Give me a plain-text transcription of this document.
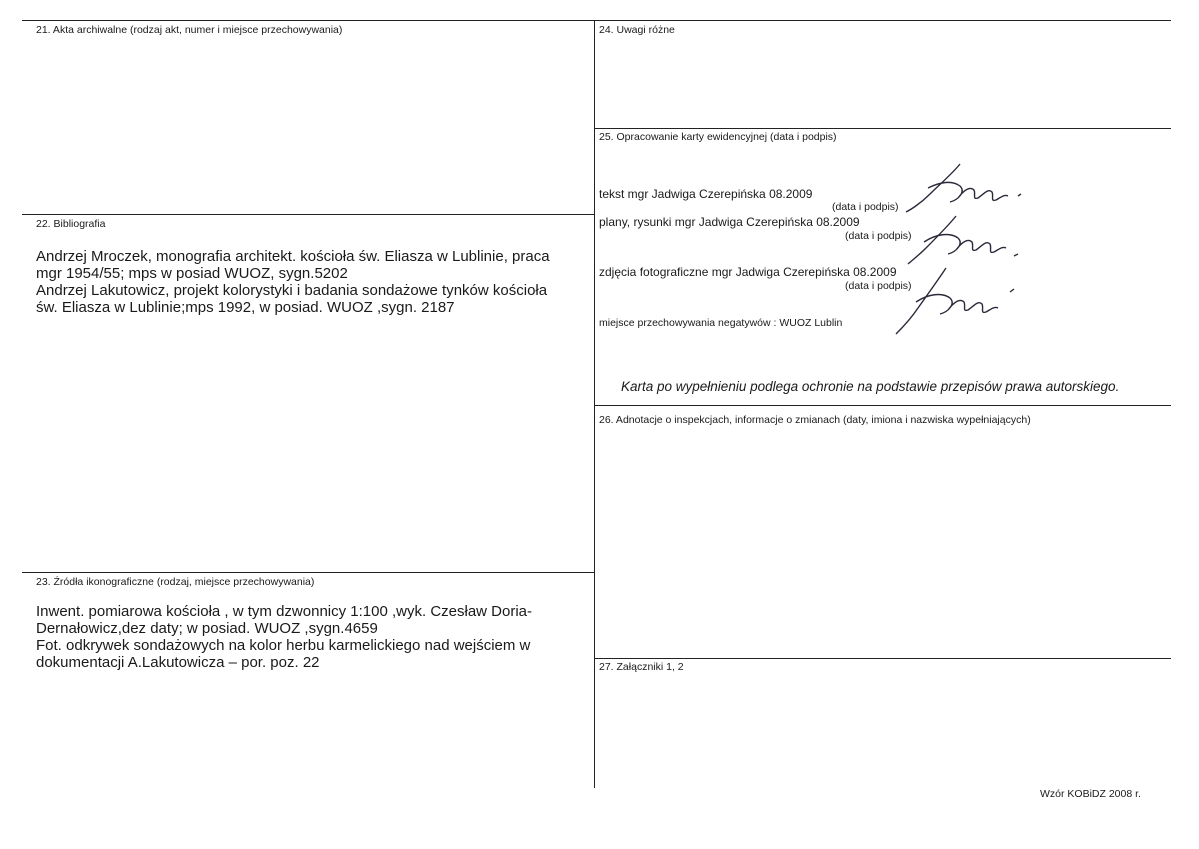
21. Akta archiwalne (rodzaj akt, numer i miejsce przechowywania)
22. Bibliografia
Andrzej Mroczek, monografia architekt. kościoła św. Eliasza w Lublinie, praca
mgr 1954/55; mps w posiad WUOZ, sygn.5202
Andrzej Lakutowicz, projekt kolorystyki i badania sondażowe tynków kościoła
św. Eliasza w Lublinie;mps 1992, w posiad. WUOZ ,sygn. 2187
23. Źródła ikonograficzne (rodzaj, miejsce przechowywania)
Inwent. pomiarowa kościoła , w tym dzwonnicy 1:100 ,wyk. Czesław Doria-
Dernałowicz,dez daty; w posiad. WUOZ ,sygn.4659
Fot. odkrywek sondażowych na kolor herbu karmelickiego nad wejściem w
dokumentacji A.Lakutowicza – por. poz. 22
24. Uwagi różne
25. Opracowanie karty ewidencyjnej (data i podpis)
tekst mgr Jadwiga Czerepińska 08.2009
(data i podpis)
plany, rysunki mgr Jadwiga Czerepińska 08.2009
(data i podpis)
zdjęcia fotograficzne mgr Jadwiga Czerepińska 08.2009
(data i podpis)
miejsce przechowywania negatywów : WUOZ Lublin
Karta po wypełnieniu podlega ochronie na podstawie przepisów prawa autorskiego.
26. Adnotacje o inspekcjach, informacje o zmianach (daty, imiona i nazwiska wypełniających)
27. Załączniki 1, 2
Wzór KOBiDZ 2008 r.
